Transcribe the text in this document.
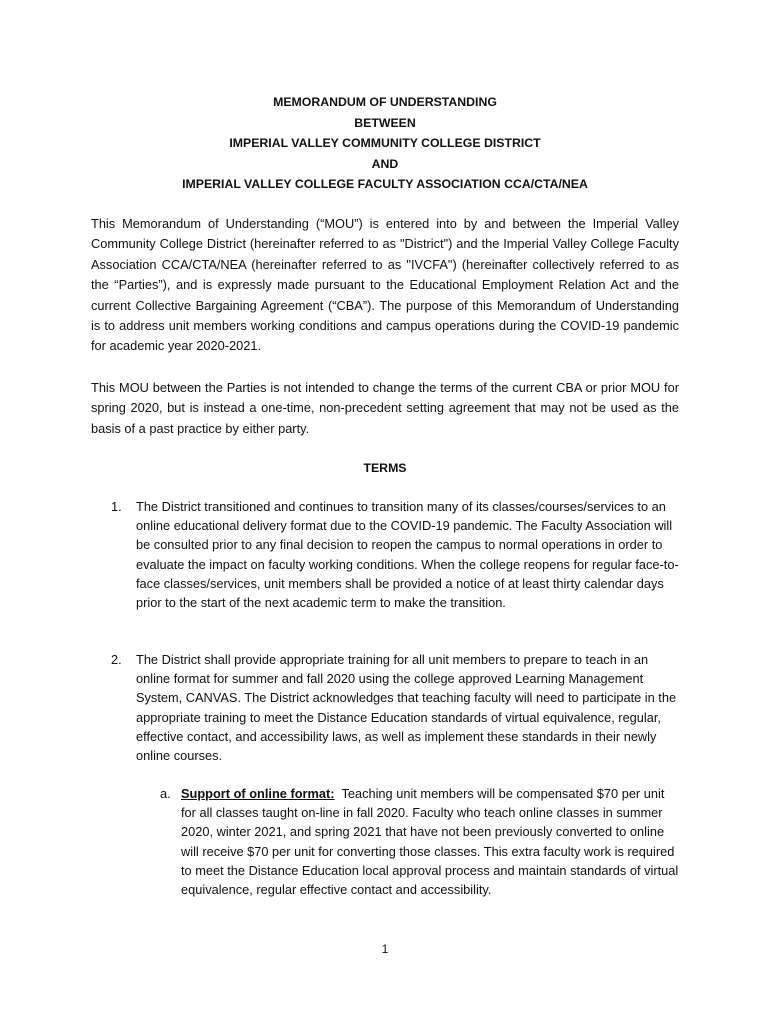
MEMORANDUM OF UNDERSTANDING
BETWEEN
IMPERIAL VALLEY COMMUNITY COLLEGE DISTRICT
AND
IMPERIAL VALLEY COLLEGE FACULTY ASSOCIATION CCA/CTA/NEA
This Memorandum of Understanding (“MOU”) is entered into by and between the Imperial Valley Community College District (hereinafter referred to as "District") and the Imperial Valley College Faculty Association CCA/CTA/NEA (hereinafter referred to as "IVCFA") (hereinafter collectively referred to as the “Parties”), and is expressly made pursuant to the Educational Employment Relation Act and the current Collective Bargaining Agreement (“CBA”). The purpose of this Memorandum of Understanding is to address unit members working conditions and campus operations during the COVID-19 pandemic for academic year 2020-2021.
This MOU between the Parties is not intended to change the terms of the current CBA or prior MOU for spring 2020, but is instead a one-time, non-precedent setting agreement that may not be used as the basis of a past practice by either party.
TERMS
1. The District transitioned and continues to transition many of its classes/courses/services to an online educational delivery format due to the COVID-19 pandemic. The Faculty Association will be consulted prior to any final decision to reopen the campus to normal operations in order to evaluate the impact on faculty working conditions. When the college reopens for regular face-to-face classes/services, unit members shall be provided a notice of at least thirty calendar days prior to the start of the next academic term to make the transition.
2. The District shall provide appropriate training for all unit members to prepare to teach in an online format for summer and fall 2020 using the college approved Learning Management System, CANVAS. The District acknowledges that teaching faculty will need to participate in the appropriate training to meet the Distance Education standards of virtual equivalence, regular, effective contact, and accessibility laws, as well as implement these standards in their newly online courses.
a. Support of online format: Teaching unit members will be compensated $70 per unit for all classes taught on-line in fall 2020. Faculty who teach online classes in summer 2020, winter 2021, and spring 2021 that have not been previously converted to online will receive $70 per unit for converting those classes. This extra faculty work is required to meet the Distance Education local approval process and maintain standards of virtual equivalence, regular effective contact and accessibility.
1
